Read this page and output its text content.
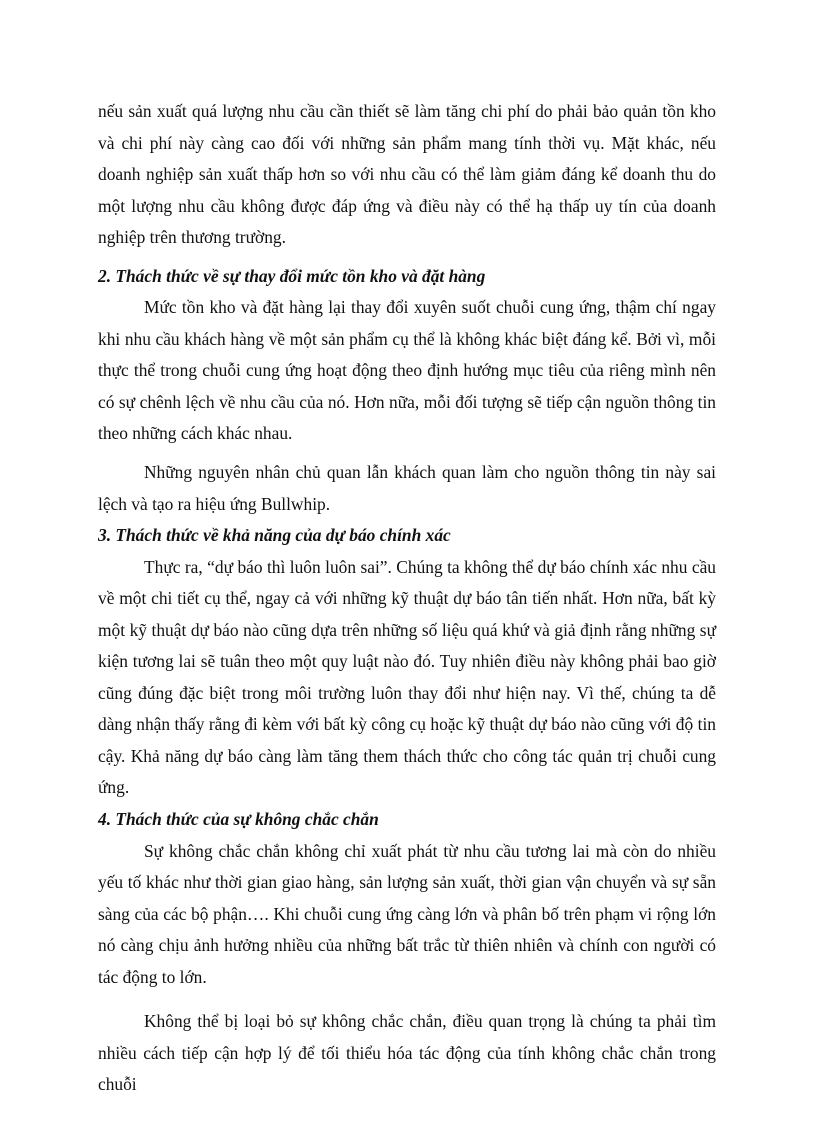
nếu sản xuất quá lượng nhu cầu cần thiết sẽ làm tăng chi phí do phải bảo quản tồn kho và chi phí này càng cao đối với những sản phẩm mang tính thời vụ. Mặt khác, nếu doanh nghiệp sản xuất thấp hơn so với nhu cầu có thể làm giảm đáng kể doanh thu do một lượng nhu cầu không được đáp ứng và điều này có thể hạ thấp uy tín của doanh nghiệp trên thương trường.

2. Thách thức về sự thay đổi mức tồn kho và đặt hàng

Mức tồn kho và đặt hàng lại thay đổi xuyên suốt chuỗi cung ứng, thậm chí ngay khi nhu cầu khách hàng về một sản phẩm cụ thể là không khác biệt đáng kể. Bởi vì, mỗi thực thể trong chuỗi cung ứng hoạt động theo định hướng mục tiêu của riêng mình nên có sự chênh lệch về nhu cầu của nó. Hơn nữa, mỗi đối tượng sẽ tiếp cận nguồn thông tin theo những cách khác nhau.

Những nguyên nhân chủ quan lẫn khách quan làm cho nguồn thông tin này sai lệch và tạo ra hiệu ứng Bullwhip.

3. Thách thức về khả năng của dự báo chính xác

Thực ra, “dự báo thì luôn luôn sai”. Chúng ta không thể dự báo chính xác nhu cầu về một chi tiết cụ thể, ngay cả với những kỹ thuật dự báo tân tiến nhất. Hơn nữa, bất kỳ một kỹ thuật dự báo nào cũng dựa trên những số liệu quá khứ và giả định rằng những sự kiện tương lai sẽ tuân theo một quy luật nào đó. Tuy nhiên điều này không phải bao giờ cũng đúng đặc biệt trong môi trường luôn thay đổi như hiện nay. Vì thế, chúng ta dễ dàng nhận thấy rằng đi kèm với bất kỳ công cụ hoặc kỹ thuật dự báo nào cũng với độ tin cậy. Khả năng dự báo càng làm tăng them thách thức cho công tác quản trị chuỗi cung ứng.

4. Thách thức của sự không chắc chắn

Sự không chắc chắn không chỉ xuất phát từ nhu cầu tương lai mà còn do nhiều yếu tố khác như thời gian giao hàng, sản lượng sản xuất, thời gian vận chuyển và sự sẵn sàng của các bộ phận…. Khi chuỗi cung ứng càng lớn và phân bố trên phạm vi rộng lớn nó càng chịu ảnh hưởng nhiều của những bất trắc từ thiên nhiên và chính con người có tác động to lớn.

Không thể bị loại bỏ sự không chắc chắn, điều quan trọng là chúng ta phải tìm nhiều cách tiếp cận hợp lý để tối thiểu hóa tác động của tính không chắc chắn trong chuỗi
